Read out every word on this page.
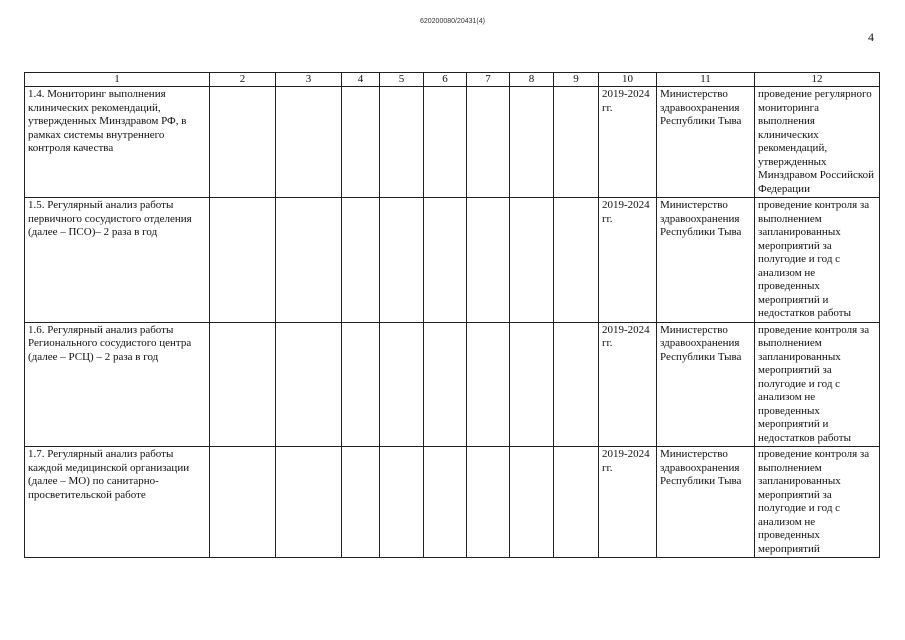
620200080/20431(4)
4
1	2	3	4	5	6	7	8	9	10	11	12
1.4. Мониторинг выполнения клинических рекомендаций, утвержденных Минздравом РФ, в рамках системы внутреннего контроля качества									2019-2024 гг.	Министерство здравоохранения Республики Тыва	проведение регулярного мониторинга выполнения клинических рекомендаций, утвержденных Минздравом Российской Федерации
1.5. Регулярный анализ работы первичного сосудистого отделения (далее – ПСО)– 2 раза в год									2019-2024 гг.	Министерство здравоохранения Республики Тыва	проведение контроля за выполнением запланированных мероприятий за полугодие и год с анализом не проведенных мероприятий и недостатков работы
1.6. Регулярный анализ работы Регионального сосудистого центра (далее – РСЦ) – 2 раза в год									2019-2024 гг.	Министерство здравоохранения Республики Тыва	проведение контроля за выполнением запланированных мероприятий за полугодие и год с анализом не проведенных мероприятий и недостатков работы
1.7. Регулярный анализ работы каждой медицинской организации (далее – МО) по санитарно-просветительской работе									2019-2024 гг.	Министерство здравоохранения Республики Тыва	проведение контроля за выполнением запланированных мероприятий за полугодие и год с анализом не проведенных мероприятий
